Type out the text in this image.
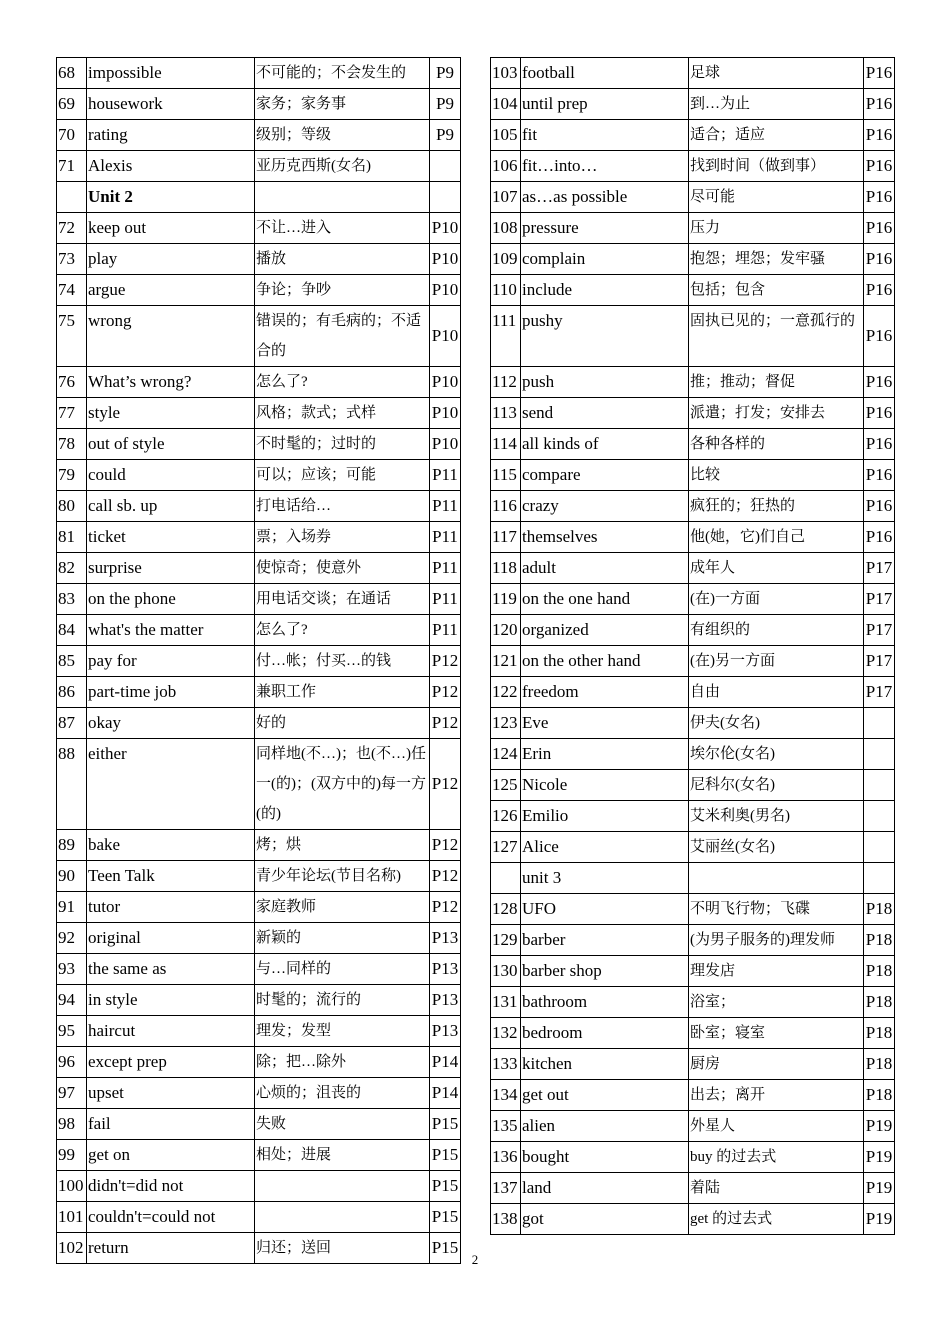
68	impossible	不可能的；不会发生的	P9
69	housework	家务；家务事	P9
70	rating	级别；等级	P9
71	Alexis	亚历克西斯(女名)	
	Unit 2		
72	keep out	不让…进入	P10
73	play	播放	P10
74	argue	争论；争吵	P10
75	wrong	错误的；有毛病的；不适合的	P10
76	What’s wrong?	怎么了?	P10
77	style	风格；款式；式样	P10
78	out of style	不时髦的；过时的	P10
79	could	可以；应该；可能	P11
80	call sb. up	打电话给…	P11
81	ticket	票；入场券	P11
82	surprise	使惊奇；使意外	P11
83	on the phone	用电话交谈；在通话	P11
84	what's the matter	怎么了?	P11
85	pay for	付…帐；付买…的钱	P12
86	part-time job	兼职工作	P12
87	okay	好的	P12
88	either	同样地(不…)；也(不…)任一(的)；(双方中的)每一方(的)	P12
89	bake	烤；烘	P12
90	Teen Talk	青少年论坛(节目名称)	P12
91	tutor	家庭教师	P12
92	original	新颖的	P13
93	the same as	与…同样的	P13
94	in style	时髦的；流行的	P13
95	haircut	理发；发型	P13
96	except prep	除；把…除外	P14
97	upset	心烦的；沮丧的	P14
98	fail	失败	P15
99	get on	相处；进展	P15
100	didn't=did not		P15
101	couldn't=could not		P15
102	return	归还；送回	P15
103	football	足球	P16
104	until prep	到…为止	P16
105	fit	适合；适应	P16
106	fit…into…	找到时间（做到事）	P16
107	as…as possible	尽可能	P16
108	pressure	压力	P16
109	complain	抱怨；埋怨；发牢骚	P16
110	include	包括；包含	P16
111	pushy	固执已见的；一意孤行的	P16
112	push	推；推动；督促	P16
113	send	派遣；打发；安排去	P16
114	all kinds of	各种各样的	P16
115	compare	比较	P16
116	crazy	疯狂的；狂热的	P16
117	themselves	他(她，它)们自己	P16
118	adult	成年人	P17
119	on the one hand	(在)一方面	P17
120	organized	有组织的	P17
121	on the other hand	(在)另一方面	P17
122	freedom	自由	P17
123	Eve	伊夫(女名)	
124	Erin	埃尔伦(女名)	
125	Nicole	尼科尔(女名)	
126	Emilio	艾米利奥(男名)	
127	Alice	艾丽丝(女名)	
	unit 3		
128	UFO	不明飞行物；飞碟	P18
129	barber	(为男子服务的)理发师	P18
130	barber shop	理发店	P18
131	bathroom	浴室；	P18
132	bedroom	卧室；寝室	P18
133	kitchen	厨房	P18
134	get out	出去；离开	P18
135	alien	外星人	P19
136	bought	buy 的过去式	P19
137	land	着陆	P19
138	got	get 的过去式	P19
2
